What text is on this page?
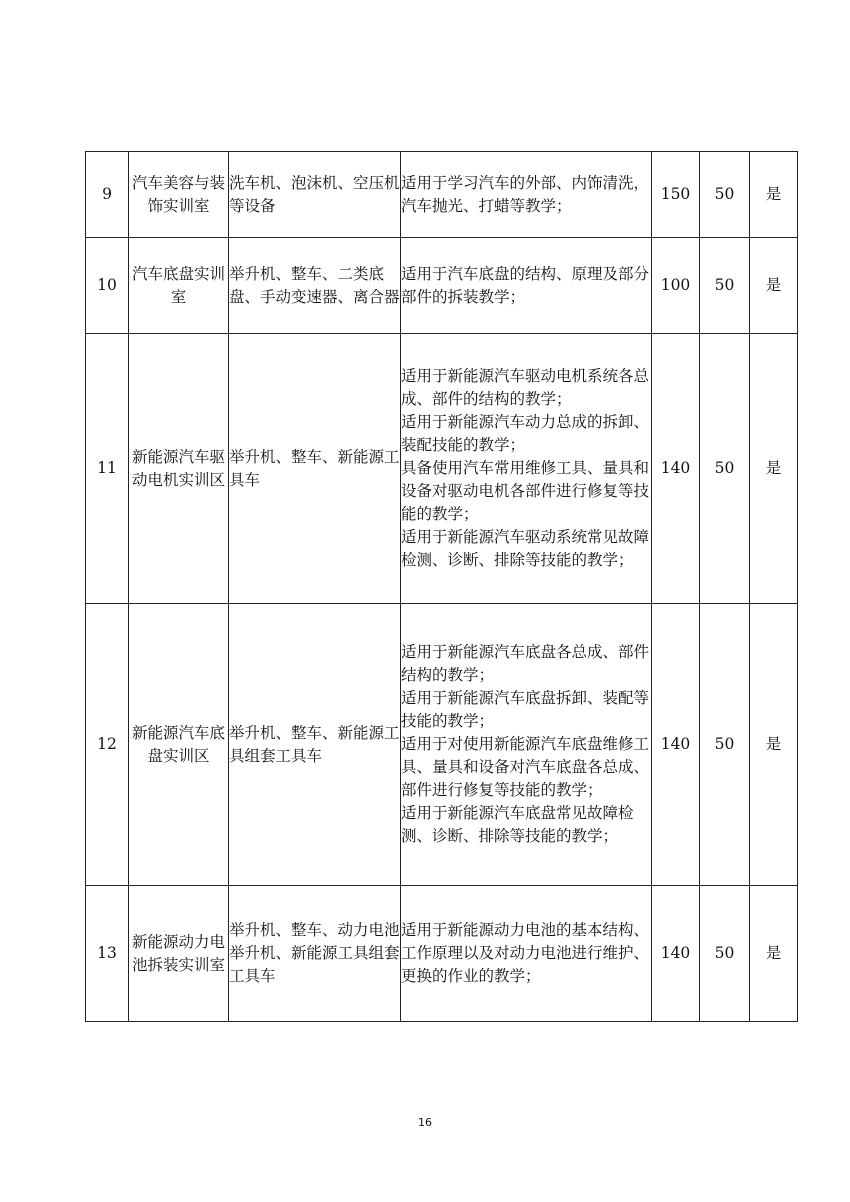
9	汽车美容与装饰实训室	洗车机、泡沫机、空压机等设备	适用于学习汽车的外部、内饰清洗，汽车抛光、打蜡等教学；	150	50	是
10	汽车底盘实训室	举升机、整车、二类底盘、手动变速器、离合器	适用于汽车底盘的结构、原理及部分部件的拆装教学；	100	50	是
11	新能源汽车驱动电机实训区	举升机、整车、新能源工具车	适用于新能源汽车驱动电机系统各总成、部件的结构的教学；
适用于新能源汽车动力总成的拆卸、装配技能的教学；
具备使用汽车常用维修工具、量具和设备对驱动电机各部件进行修复等技能的教学；
适用于新能源汽车驱动系统常见故障检测、诊断、排除等技能的教学；	140	50	是
12	新能源汽车底盘实训区	举升机、整车、新能源工具组套工具车	适用于新能源汽车底盘各总成、部件结构的教学；
适用于新能源汽车底盘拆卸、装配等技能的教学；
适用于对使用新能源汽车底盘维修工具、量具和设备对汽车底盘各总成、部件进行修复等技能的教学；
适用于新能源汽车底盘常见故障检测、诊断、排除等技能的教学；	140	50	是
13	新能源动力电池拆装实训室	举升机、整车、动力电池举升机、新能源工具组套工具车	适用于新能源动力电池的基本结构、工作原理以及对动力电池进行维护、更换的作业的教学；	140	50	是
16
